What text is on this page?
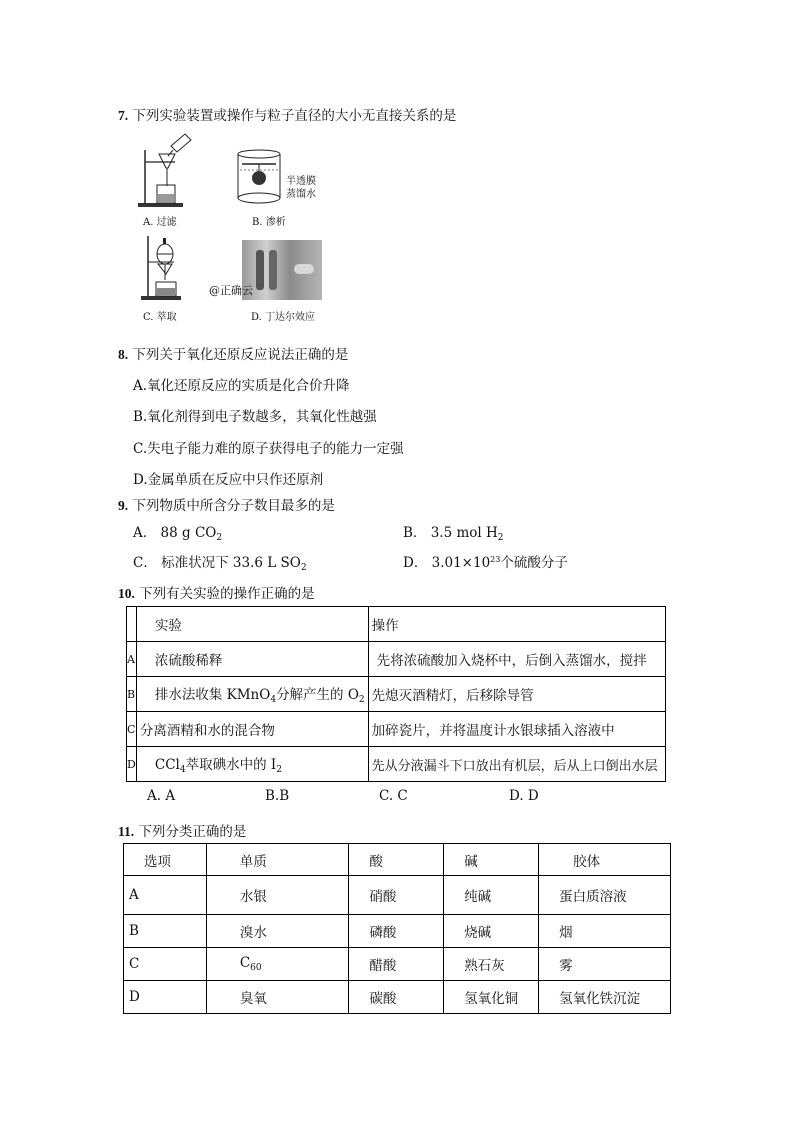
7. 下列实验装置或操作与粒子直径的大小无直接关系的是
A. 过滤
半透膜
蒸馏水
B. 渗析
C. 萃取
@正确云
D. 丁达尔效应
8. 下列关于氧化还原反应说法正确的是
A.氧化还原反应的实质是化合价升降
B.氧化剂得到电子数越多，其氧化性越强
C.失电子能力难的原子获得电子的能力一定强
D.金属单质在反应中只作还原剂
9. 下列物质中所含分子数目最多的是
A． 88 g $CO_2$	B． 3.5 mol $H_2$
C． 标准状况下 33.6 L $SO_2$	D． $3.01\times 10^{23}$个硫酸分子
10. 下列有关实验的操作正确的是
	实验	操作
A	浓硫酸稀释	先将浓硫酸加入烧杯中，后倒入蒸馏水，搅拌
B	排水法收集 KMnO$_4$分解产生的 $O_2$	先熄灭酒精灯，后移除导管
C	分离酒精和水的混合物	加碎瓷片，并将温度计水银球插入溶液中
D	CCl$_4$萃取碘水中的 $I_2$	先从分液漏斗下口放出有机层，后从上口倒出水层
A. A	B.B	C. C	D. D
11. 下列分类正确的是
选项	单质	酸	碱	胶体
A	水银	硝酸	纯碱	蛋白质溶液
B	溴水	磷酸	烧碱	烟
C	$C_{60}$	醋酸	熟石灰	雾
D	臭氧	碳酸	氢氧化铜	氢氧化铁沉淀
